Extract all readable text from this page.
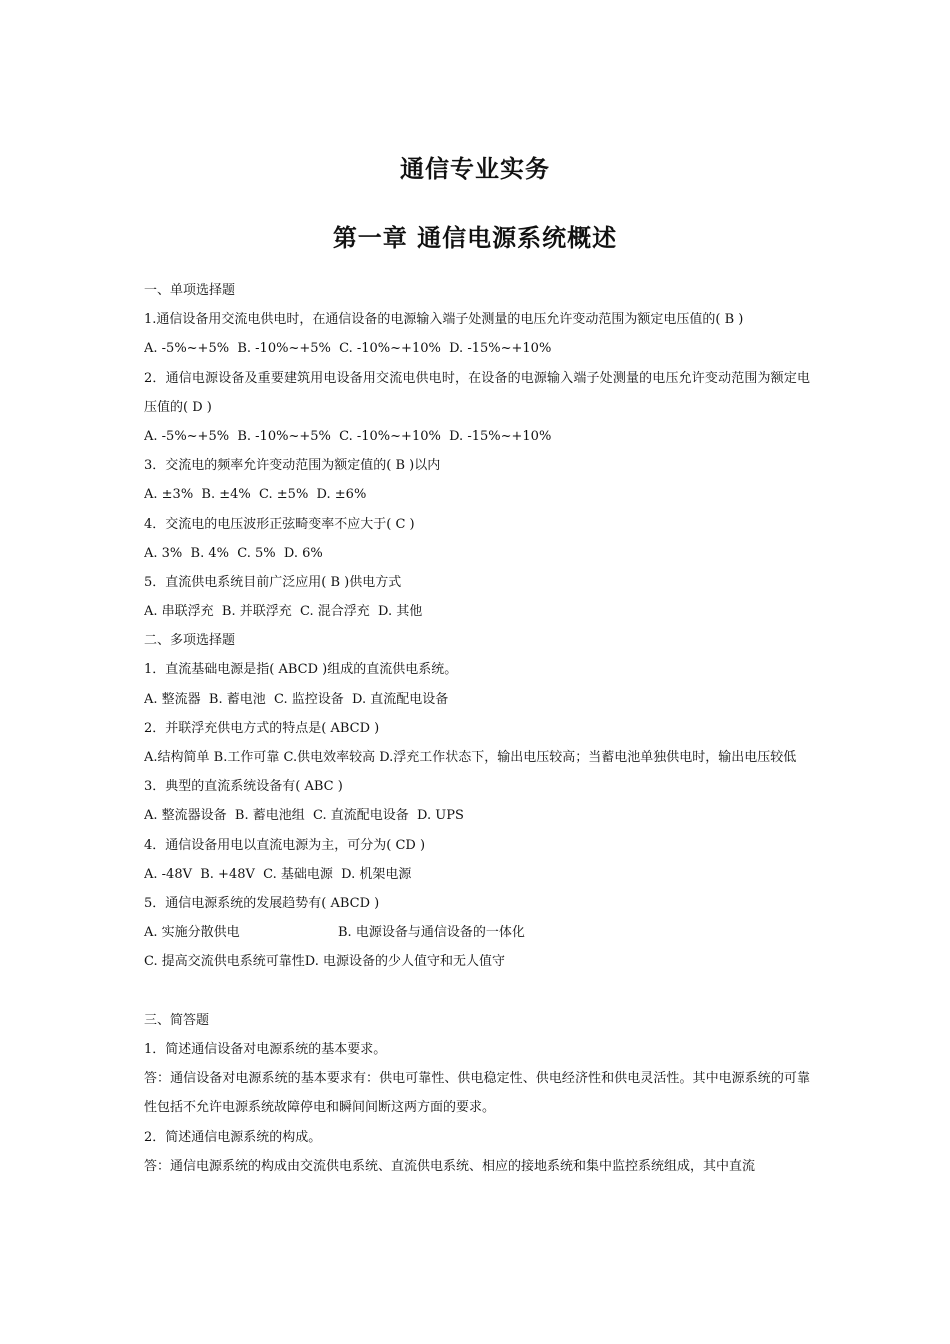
通信专业实务
第一章 通信电源系统概述
一、单项选择题
1.通信设备用交流电供电时，在通信设备的电源输入端子处测量的电压允许变动范围为额定电压值的( B )
A. -5%~+5%  B. -10%~+5%  C. -10%~+10%  D. -15%~+10%
2．通信电源设备及重要建筑用电设备用交流电供电时，在设备的电源输入端子处测量的电压允许变动范围为额定电压值的( D )
A. -5%~+5%  B. -10%~+5%  C. -10%~+10%  D. -15%~+10%
3．交流电的频率允许变动范围为额定值的( B )以内
A. ±3%  B. ±4%  C. ±5%  D. ±6%
4．交流电的电压波形正弦畸变率不应大于( C )
A. 3%  B. 4%  C. 5%  D. 6%
5．直流供电系统目前广泛应用( B )供电方式
A. 串联浮充  B. 并联浮充  C. 混合浮充  D. 其他
二、多项选择题
1．直流基础电源是指( ABCD )组成的直流供电系统。
A. 整流器  B. 蓄电池  C. 监控设备  D. 直流配电设备
2．并联浮充供电方式的特点是( ABCD )
A.结构简单 B.工作可靠 C.供电效率较高 D.浮充工作状态下，输出电压较高；当蓄电池单独供电时，输出电压较低
3．典型的直流系统设备有( ABC )
A. 整流器设备  B. 蓄电池组  C. 直流配电设备  D. UPS
4．通信设备用电以直流电源为主，可分为( CD )
A. -48V  B. +48V  C. 基础电源  D. 机架电源
5．通信电源系统的发展趋势有( ABCD )
A. 实施分散供电	B. 电源设备与通信设备的一体化
C. 提高交流供电系统可靠性 D. 电源设备的少人值守和无人值守
三、简答题
1．简述通信设备对电源系统的基本要求。
答：通信设备对电源系统的基本要求有：供电可靠性、供电稳定性、供电经济性和供电灵活性。其中电源系统的可靠性包括不允许电源系统故障停电和瞬间间断这两方面的要求。
2．简述通信电源系统的构成。
答：通信电源系统的构成由交流供电系统、直流供电系统、相应的接地系统和集中监控系统组成，其中直流
